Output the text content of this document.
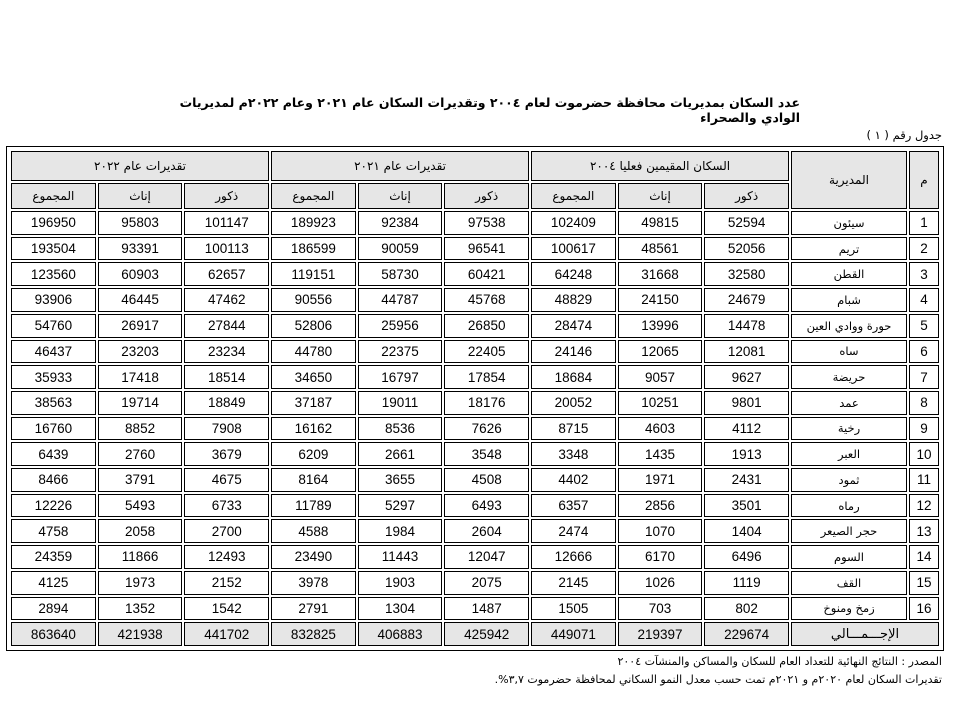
عدد السكان بمديريات محافظة حضرموت لعام ٢٠٠٤ وتقديرات السكان عام ٢٠٢١ وعام ٢٠٢٢م لمديريات الوادي والصحراء
جدول رقم ( ١ )
م	المديرية	السكان المقيمين فعليا ٢٠٠٤			تقديرات عام ٢٠٢١			تقديرات عام ٢٠٢٢		
		ذكور	إناث	المجموع	ذكور	إناث	المجموع	ذكور	إناث	المجموع
1	سيئون	52594	49815	102409	97538	92384	189923	101147	95803	196950
2	تريم	52056	48561	100617	96541	90059	186599	100113	93391	193504
3	القطن	32580	31668	64248	60421	58730	119151	62657	60903	123560
4	شبام	24679	24150	48829	45768	44787	90556	47462	46445	93906
5	حورة ووادي العين	14478	13996	28474	26850	25956	52806	27844	26917	54760
6	ساه	12081	12065	24146	22405	22375	44780	23234	23203	46437
7	حريضة	9627	9057	18684	17854	16797	34650	18514	17418	35933
8	عمد	9801	10251	20052	18176	19011	37187	18849	19714	38563
9	رخية	4112	4603	8715	7626	8536	16162	7908	8852	16760
10	العبر	1913	1435	3348	3548	2661	6209	3679	2760	6439
11	ثمود	2431	1971	4402	4508	3655	8164	4675	3791	8466
12	رماه	3501	2856	6357	6493	5297	11789	6733	5493	12226
13	حجر الصيعر	1404	1070	2474	2604	1984	4588	2700	2058	4758
14	السوم	6496	6170	12666	12047	11443	23490	12493	11866	24359
15	القف	1119	1026	2145	2075	1903	3978	2152	1973	4125
16	زمخ ومنوخ	802	703	1505	1487	1304	2791	1542	1352	2894
الإجـــمـــالي		229674	219397	449071	425942	406883	832825	441702	421938	863640
المصدر : النتائج النهائية للتعداد العام للسكان والمساكن والمنشآت ٢٠٠٤
تقديرات السكان لعام ٢٠٢٠م و ٢٠٢١م تمت حسب معدل النمو السكاني لمحافظة حضرموت ٣,٧%.
